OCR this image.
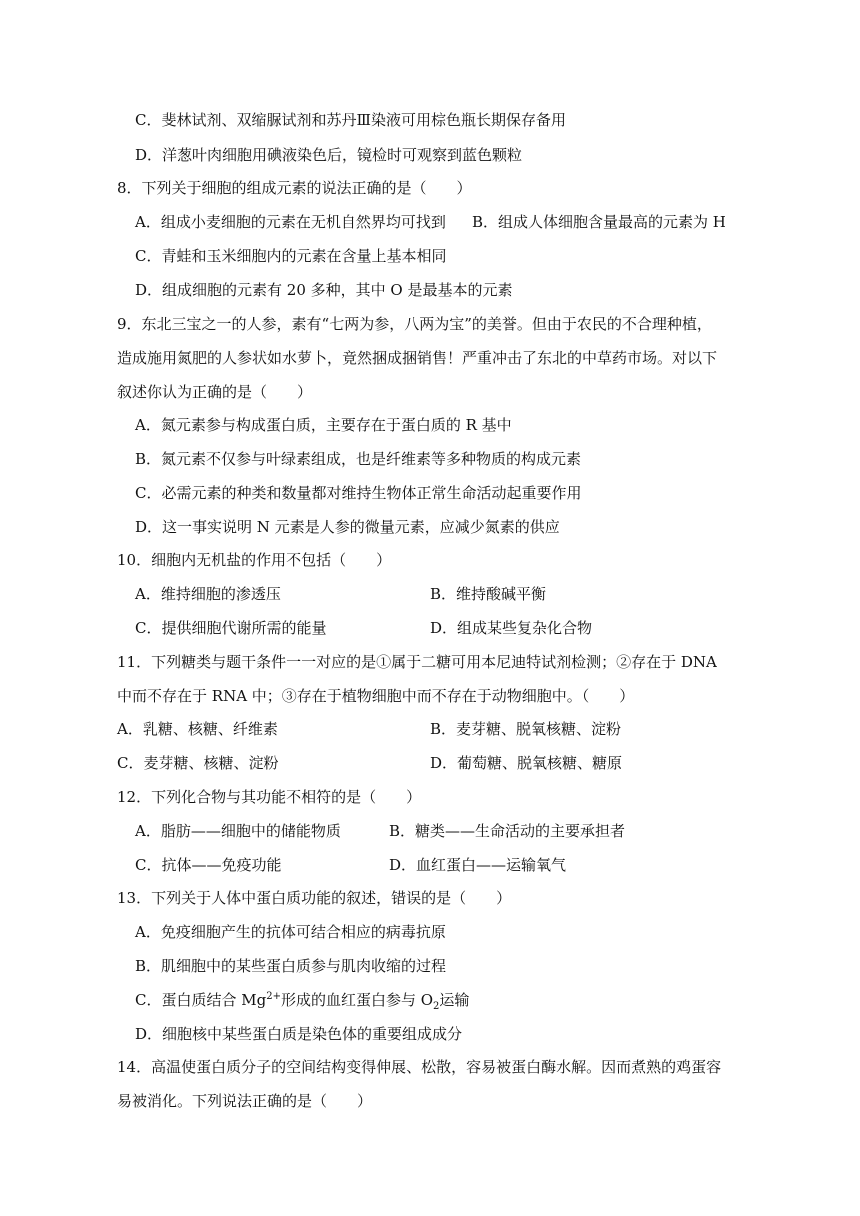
C．斐林试剂、双缩脲试剂和苏丹Ⅲ染液可用棕色瓶长期保存备用
D．洋葱叶肉细胞用碘液染色后，镜检时可观察到蓝色颗粒
8．下列关于细胞的组成元素的说法正确的是（　　）
A．组成小麦细胞的元素在无机自然界均可找到 B．组成人体细胞含量最高的元素为 H
C．青蛙和玉米细胞内的元素在含量上基本相同
D．组成细胞的元素有 20 多种，其中 O 是最基本的元素
9．东北三宝之一的人参，素有“七两为参，八两为宝”的美誉。但由于农民的不合理种植，
造成施用氮肥的人参状如水萝卜，竟然捆成捆销售！严重冲击了东北的中草药市场。对以下
叙述你认为正确的是（　　）
A．氮元素参与构成蛋白质，主要存在于蛋白质的 R 基中
B．氮元素不仅参与叶绿素组成，也是纤维素等多种物质的构成元素
C．必需元素的种类和数量都对维持生物体正常生命活动起重要作用
D．这一事实说明 N 元素是人参的微量元素，应减少氮素的供应
10．细胞内无机盐的作用不包括（　　）
A．维持细胞的渗透压	B．维持酸碱平衡
C．提供细胞代谢所需的能量	D．组成某些复杂化合物
11．下列糖类与题干条件一一对应的是①属于二糖可用本尼迪特试剂检测；②存在于 DNA
中而不存在于 RNA 中；③存在于植物细胞中而不存在于动物细胞中。（　　）
A．乳糖、核糖、纤维素	B．麦芽糖、脱氧核糖、淀粉
C．麦芽糖、核糖、淀粉	D．葡萄糖、脱氧核糖、糖原
12．下列化合物与其功能不相符的是（　　）
A．脂肪——细胞中的储能物质	B．糖类——生命活动的主要承担者
C．抗体——免疫功能	D．血红蛋白——运输氧气
13．下列关于人体中蛋白质功能的叙述，错误的是（　　）
A．免疫细胞产生的抗体可结合相应的病毒抗原
B．肌细胞中的某些蛋白质参与肌肉收缩的过程
C．蛋白质结合 $Mg^{2+}$形成的血红蛋白参与 $O_2$运输
D．细胞核中某些蛋白质是染色体的重要组成成分
14．高温使蛋白质分子的空间结构变得伸展、松散，容易被蛋白酶水解。因而煮熟的鸡蛋容
易被消化。下列说法正确的是（　　）
